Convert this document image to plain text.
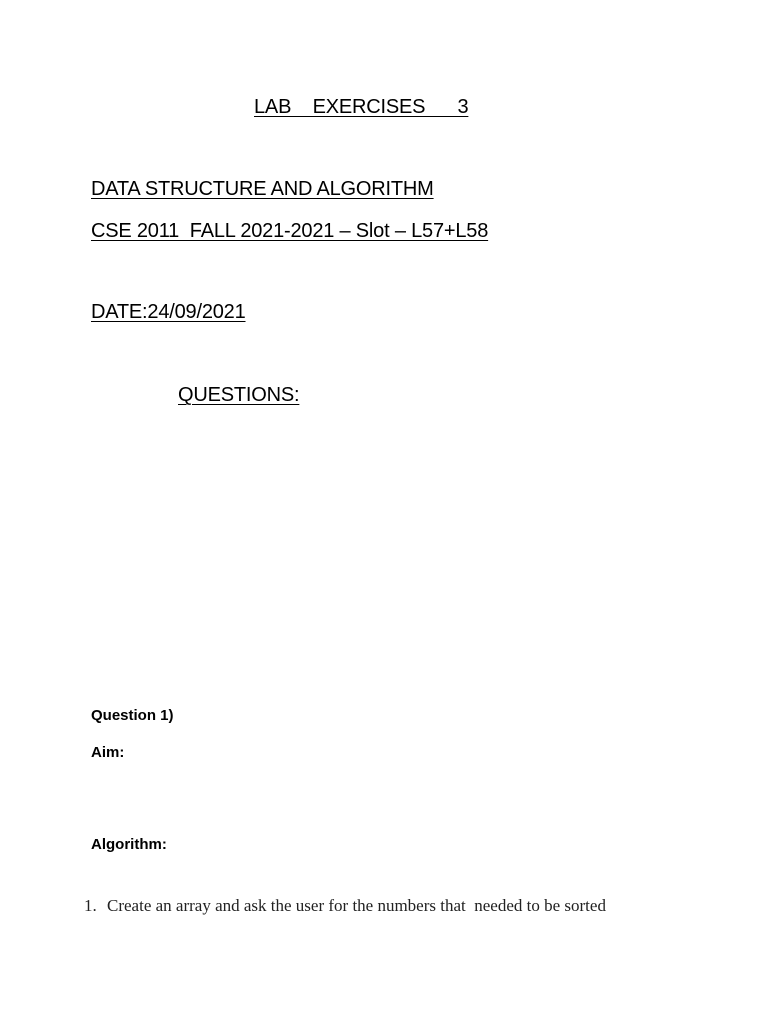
LAB    EXERCISES      3
DATA STRUCTURE AND ALGORITHM
CSE 2011  FALL 2021-2021 – Slot – L57+L58
DATE:24/09/2021
QUESTIONS:
Question 1)
Aim:
Algorithm:

1. Create an array and ask the user for the numbers that  needed to be sorted
